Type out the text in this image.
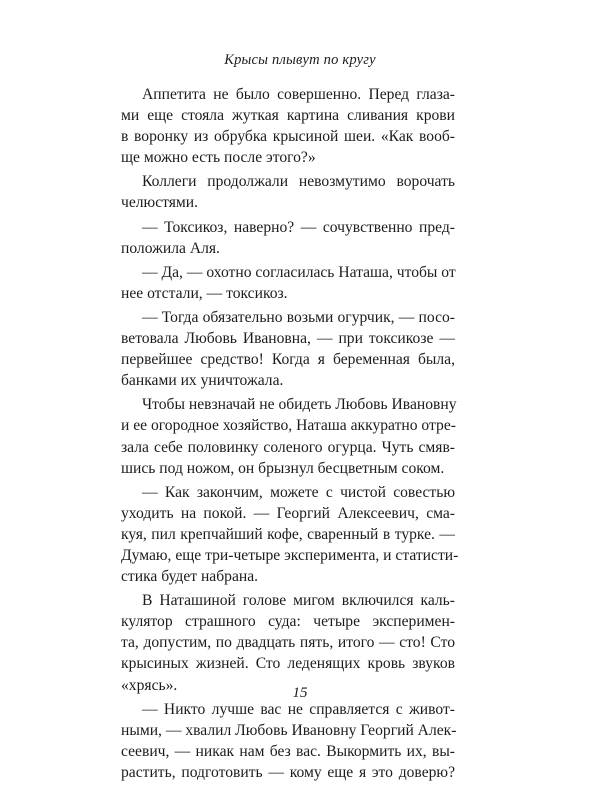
Крысы плывут по кругу
Аппетита не было совершенно. Перед глаза-
ми еще стояла жуткая картина сливания крови
в воронку из обрубка крысиной шеи. «Как вооб-
ще можно есть после этого?»
Коллеги продолжали невозмутимо ворочать
челюстями.
— Токсикоз, наверно? — сочувственно пред-
положила Аля.
— Да, — охотно согласилась Наташа, чтобы от
нее отстали, — токсикоз.
— Тогда обязательно возьми огурчик, — посо-
ветовала Любовь Ивановна, — при токсикозе —
первейшее средство! Когда я беременная была,
банками их уничтожала.
Чтобы невзначай не обидеть Любовь Ивановну
и ее огородное хозяйство, Наташа аккуратно отре-
зала себе половинку соленого огурца. Чуть смяв-
шись под ножом, он брызнул бесцветным соком.
— Как закончим, можете с чистой совестью
уходить на покой. — Георгий Алексеевич, сма-
куя, пил крепчайший кофе, сваренный в турке. —
Думаю, еще три-четыре эксперимента, и статисти-
стика будет набрана.
В Наташиной голове мигом включился каль-
кулятор страшного суда: четыре эксперимен-
та, допустим, по двадцать пять, итого — сто! Сто
крысиных жизней. Сто леденящих кровь звуков
«хрясь».
— Никто лучше вас не справляется с живот-
ными, — хвалил Любовь Ивановну Георгий Алек-
сеевич, — никак нам без вас. Выкормить их, вы-
растить, подготовить — кому еще я это доверю?
15
